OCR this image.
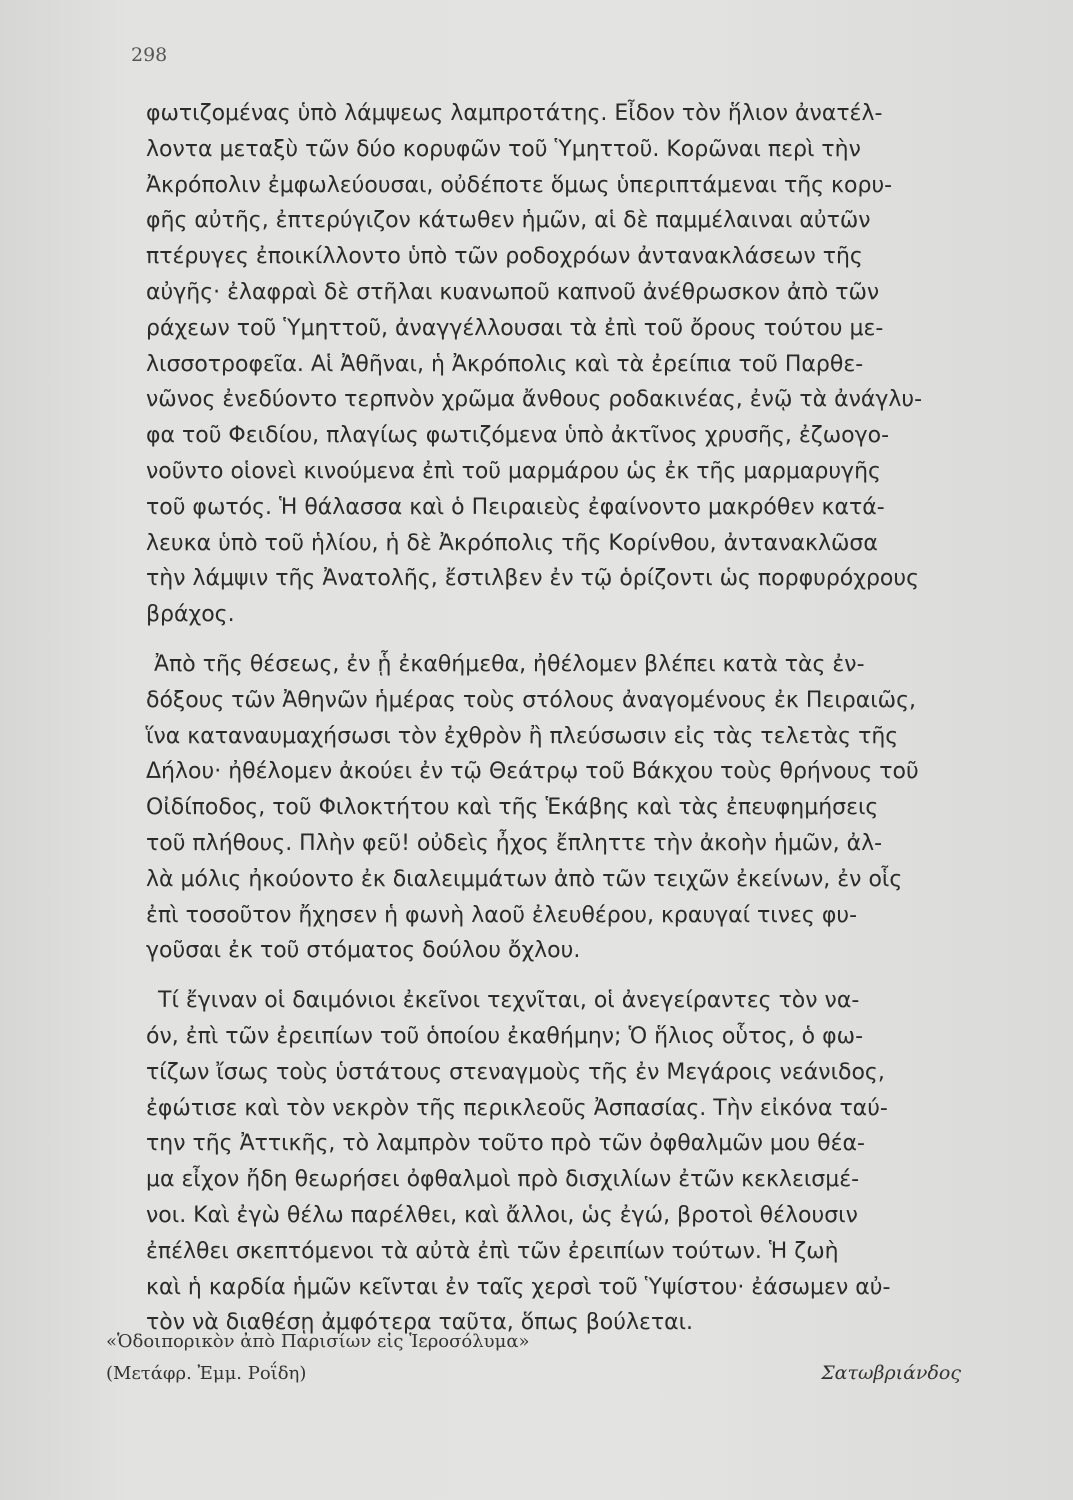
298
φωτιζομένας ὑπὸ λάμψεως λαμπροτάτης. Εἶδον τὸν ἥλιον ἀνατέλ-
λοντα μεταξὺ τῶν δύο κορυφῶν τοῦ Ὑμηττοῦ. Κορῶναι περὶ τὴν
Ἀκρόπολιν ἐμφωλεύουσαι, οὐδέποτε ὅμως ὑπεριπτάμεναι τῆς κορυ-
φῆς αὐτῆς, ἐπτερύγιζον κάτωθεν ἡμῶν, αἱ δὲ παμμέλαιναι αὐτῶν
πτέρυγες ἐποικίλλοντο ὑπὸ τῶν ροδοχρόων ἀντανακλάσεων τῆς
αὐγῆς· ἐλαφραὶ δὲ στῆλαι κυανωποῦ καπνοῦ ἀνέθρωσκον ἀπὸ τῶν
ράχεων τοῦ Ὑμηττοῦ, ἀναγγέλλουσαι τὰ ἐπὶ τοῦ ὄρους τούτου με-
λισσοτροφεῖα. Αἱ Ἀθῆναι, ἡ Ἀκρόπολις καὶ τὰ ἐρείπια τοῦ Παρθε-
νῶνος ἐνεδύοντο τερπνὸν χρῶμα ἄνθους ροδακινέας, ἐνῷ τὰ ἀνάγλυ-
φα τοῦ Φειδίου, πλαγίως φωτιζόμενα ὑπὸ ἀκτῖνος χρυσῆς, ἐζωογο-
νοῦντο οἱονεὶ κινούμενα ἐπὶ τοῦ μαρμάρου ὡς ἐκ τῆς μαρμαρυγῆς
τοῦ φωτός. Ἡ θάλασσα καὶ ὁ Πειραιεὺς ἐφαίνοντο μακρόθεν κατά-
λευκα ὑπὸ τοῦ ἡλίου, ἡ δὲ Ἀκρόπολις τῆς Κορίνθου, ἀντανακλῶσα
τὴν λάμψιν τῆς Ἀνατολῆς, ἔστιλβεν ἐν τῷ ὁρίζοντι ὡς πορφυρόχρους
βράχος.
Ἀπὸ τῆς θέσεως, ἐν ᾗ ἐκαθήμεθα, ἠθέλομεν βλέπει κατὰ τὰς ἐν-
δόξους τῶν Ἀθηνῶν ἡμέρας τοὺς στόλους ἀναγομένους ἐκ Πειραιῶς,
ἵνα καταναυμαχήσωσι τὸν ἐχθρὸν ἢ πλεύσωσιν εἰς τὰς τελετὰς τῆς
Δήλου· ἠθέλομεν ἀκούει ἐν τῷ Θεάτρῳ τοῦ Βάκχου τοὺς θρήνους τοῦ
Οἰδίποδος, τοῦ Φιλοκτήτου καὶ τῆς Ἑκάβης καὶ τὰς ἐπευφημήσεις
τοῦ πλήθους. Πλὴν φεῦ! οὐδεὶς ἦχος ἔπληττε τὴν ἀκοὴν ἡμῶν, ἀλ-
λὰ μόλις ἠκούοντο ἐκ διαλειμμάτων ἀπὸ τῶν τειχῶν ἐκείνων, ἐν οἷς
ἐπὶ τοσοῦτον ἤχησεν ἡ φωνὴ λαοῦ ἐλευθέρου, κραυγαί τινες φυ-
γοῦσαι ἐκ τοῦ στόματος δούλου ὄχλου.
Τί ἔγιναν οἱ δαιμόνιοι ἐκεῖνοι τεχνῖται, οἱ ἀνεγείραντες τὸν να-
όν, ἐπὶ τῶν ἐρειπίων τοῦ ὁποίου ἐκαθήμην; Ὁ ἥλιος οὗτος, ὁ φω-
τίζων ἴσως τοὺς ὑστάτους στεναγμοὺς τῆς ἐν Μεγάροις νεάνιδος,
ἐφώτισε καὶ τὸν νεκρὸν τῆς περικλεοῦς Ἀσπασίας. Τὴν εἰκόνα ταύ-
την τῆς Ἀττικῆς, τὸ λαμπρὸν τοῦτο πρὸ τῶν ὀφθαλμῶν μου θέα-
μα εἶχον ἤδη θεωρήσει ὀφθαλμοὶ πρὸ δισχιλίων ἐτῶν κεκλεισμέ-
νοι. Καὶ ἐγὼ θέλω παρέλθει, καὶ ἄλλοι, ὡς ἐγώ, βροτοὶ θέλουσιν
ἐπέλθει σκεπτόμενοι τὰ αὐτὰ ἐπὶ τῶν ἐρειπίων τούτων. Ἡ ζωὴ
καὶ ἡ καρδία ἡμῶν κεῖνται ἐν ταῖς χερσὶ τοῦ Ὑψίστου· ἐάσωμεν αὐ-
τὸν νὰ διαθέσῃ ἀμφότερα ταῦτα, ὅπως βούλεται.
«Ὁδοιπορικὸν ἀπὸ Παρισίων εἰς Ἱεροσόλυμα»
(Μετάφρ. Ἐμμ. Ροΐδη)	Σατωβριάνδος
